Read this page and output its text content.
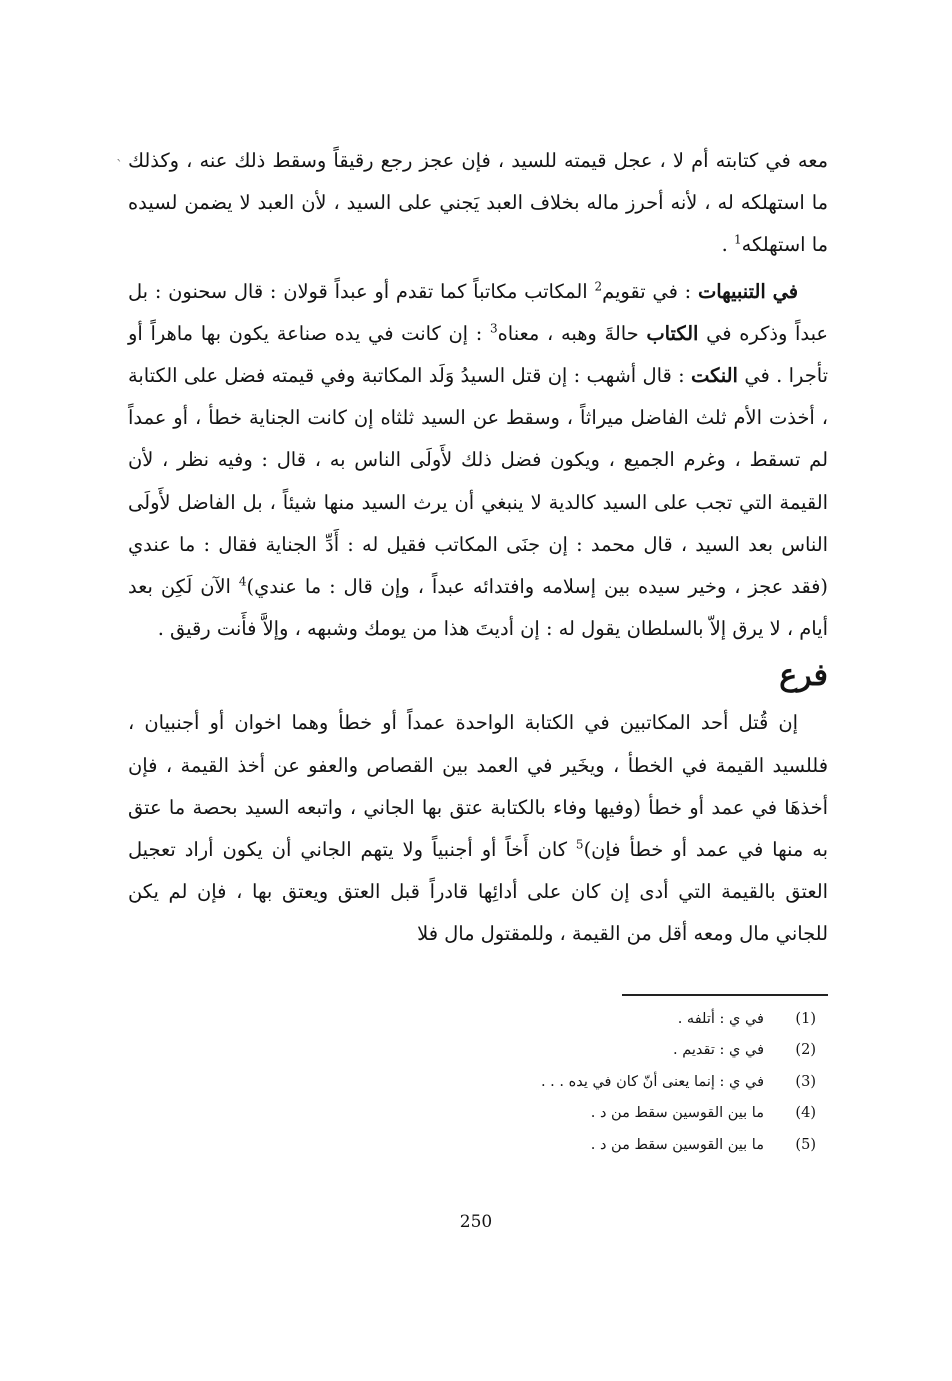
ˋ معه في كتابته أم لا ، عجل قيمته للسيد ، فإن عجز رجع رقيقاً وسقط ذلك عنه ، وكذلك ما استهلكه له ، لأنه أحرز ماله بخلاف العبد يَجني على السيد ، لأن العبد لا يضمن لسيده ما استهلكه$^1$ .

في التنبيهات : في تقويم$^2$ المكاتب مكاتباً كما تقدم أو عبداً قولان : قال سحنون : بل عبداً وذكره في الكتاب حالةَ وهبه ، معناه$^3$ : إن كانت في يده صناعة يكون بها ماهراً أو تأجرا . في النكت : قال أشهب : إن قتل السيدُ وَلَد المكاتبة وفي قيمته فضل على الكتابة ، أخذت الأم ثلث الفاضل ميراثاً ، وسقط عن السيد ثلثاه إن كانت الجناية خطأ ، أو عمداً لم تسقط ، وغرم الجميع ، ويكون فضل ذلك لأَولَى الناس به ، قال : وفيه نظر ، لأن القيمة التي تجب على السيد كالدية لا ينبغي أن يرث السيد منها شيئاً ، بل الفاضل لأَولَى الناس بعد السيد ، قال محمد : إن جنَى المكاتب فقيل له : أَدِّ الجناية فقال : ما عندي (فقد عجز ، وخير سيده بين إسلامه وافتدائه عبداً ، وإن قال : ما عندي)$^4$ الآن لَكِن بعد أيام ، لا يرق إلاّ بالسلطان يقول له : إن أديتَ هذا من يومك وشبهه ، وإلاَّ فأَنت رقيق .

فرع

إن قُتل أحد المكاتبين في الكتابة الواحدة عمداً أو خطأ وهما اخوان أو أجنبيان ، فللسيد القيمة في الخطأ ، ويخَير في العمد بين القصاص والعفو عن أخذ القيمة ، فإن أخذهَا في عمد أو خطأ (وفيها وفاء بالكتابة عتق بها الجاني ، واتبعه السيد بحصة ما عتق به منها في عمد أو خطأ فإن)$^5$ كان أَخاً أو أجنبياً ولا يتهم الجاني أن يكون أراد تعجيل العتق بالقيمة التي أدى إن كان على أدائِها قادراً قبل العتق ويعتق بها ، فإن لم يكن للجاني مال ومعه أقل من القيمة ، وللمقتول مال فلا

(1)
في ي : أتلفه .
(2)
في ي : تقديم .
(3)
في ي : إنما يعنى أنّ كان في يده . . .
(4)
ما بين القوسين سقط من د .
(5)
ما بين القوسين سقط من د .
250
